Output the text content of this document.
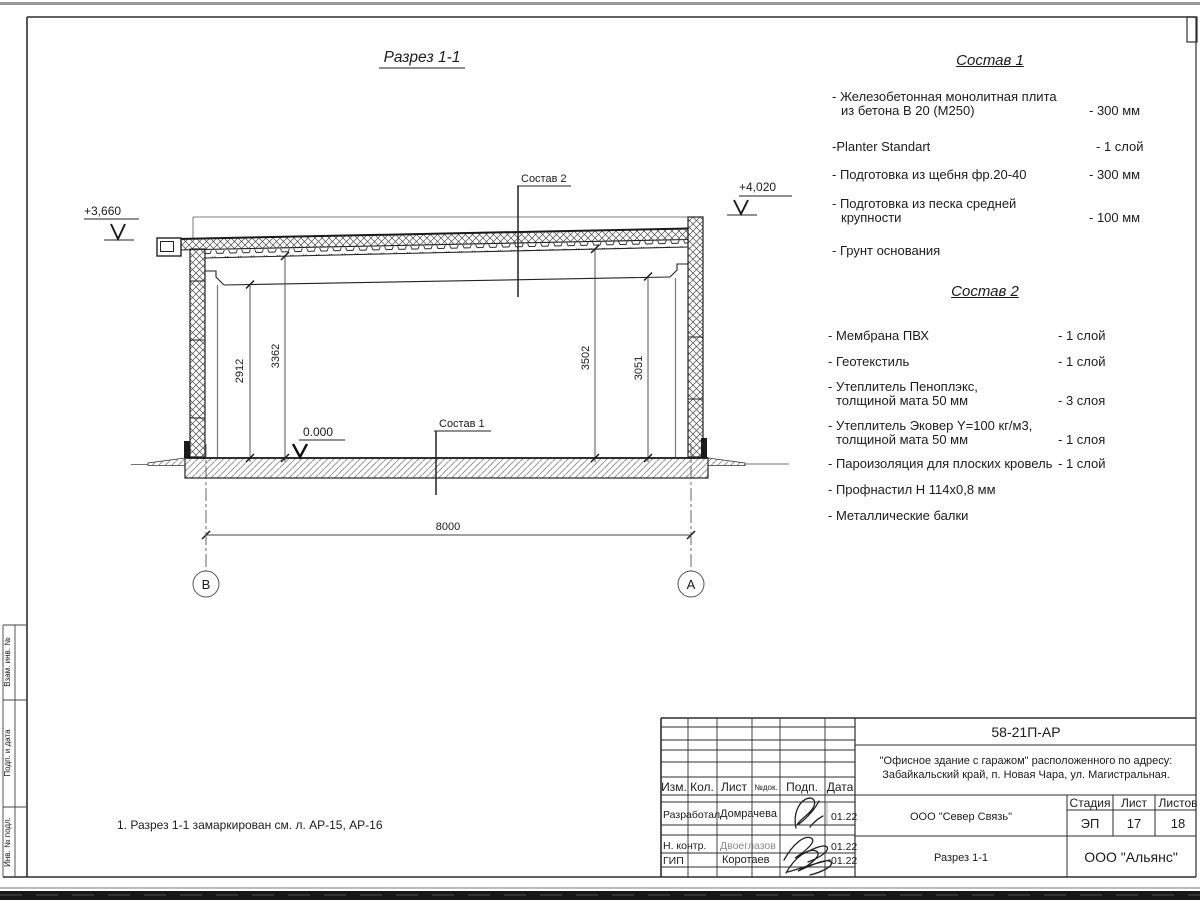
Взам. инв. №
Подп. и дата
Инв. № подл.
Разрез 1-1
+3,660
+4,020
0.000
Состав 2
Состав 1
2912
3362	3502	3051
8000
В	А
1. Разрез 1-1 замаркирован см. л. АР-15, АР-16
Изм. Кол. Лист №док. Подп. Дата
Разработал Домрачева	01.22
Н. контр. Двоеглазов	01.22
ГИП	Коротаев	01.22
58-21П-АР
"Офисное здание с гаражом" расположенного по адресу:
Забайкальский край, п. Новая Чара, ул. Магистральная.
ООО "Север Связь"
Стадия Лист Листов
ЭП 17 18
Разрез 1-1	ООО "Альянс"
Состав 1
- Железобетонная монолитная плита
из бетона В 20 (М250)	- 300 мм
-Planter Standart	- 1 слой
- Подготовка из щебня фр.20-40	- 300 мм
- Подготовка из песка средней
крупности	- 100 мм
- Грунт основания
Состав 2
- Мембрана ПВХ	- 1 слой
- Геотекстиль	- 1 слой
- Утеплитель Пеноплэкс,
толщиной мата 50 мм	- 3 слоя
- Утеплитель Эковер Y=100 кг/м3,
толщиной мата 50 мм	- 1 слоя
- Пароизоляция для плоских кровель - 1 слой
- Профнастил Н 114х0,8 мм
- Металлические балки
